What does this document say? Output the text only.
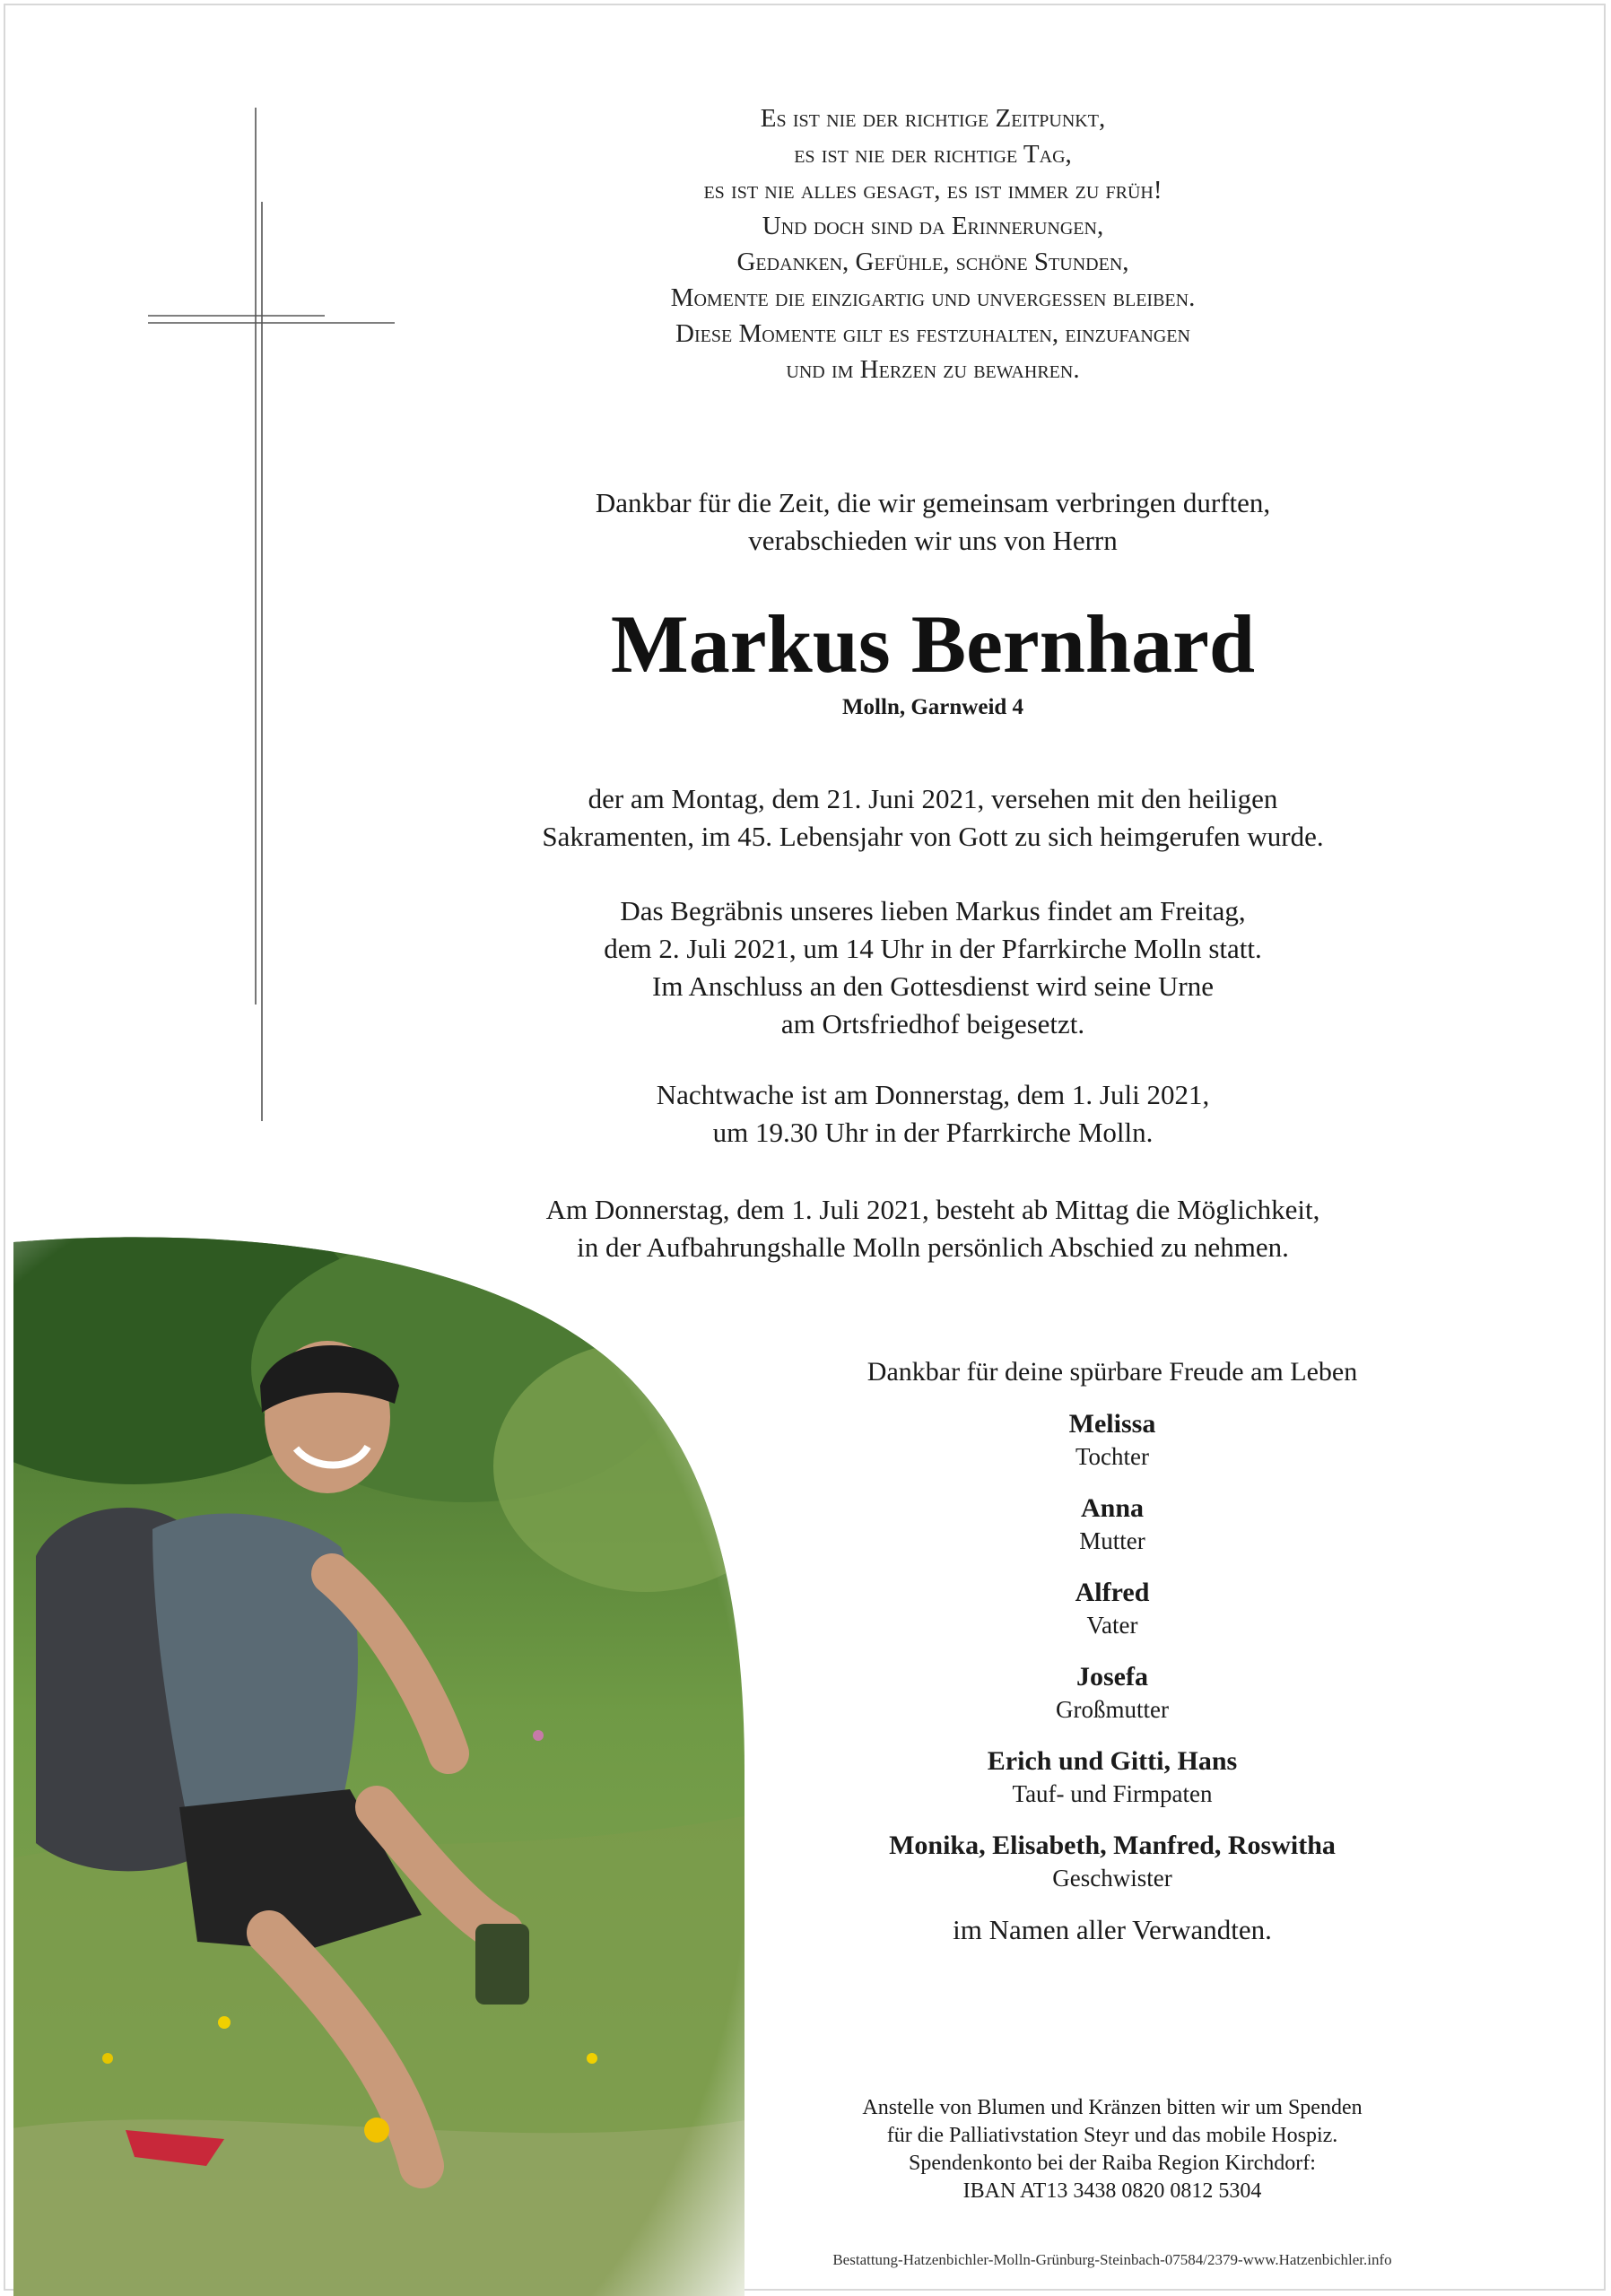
Es ist nie der richtige Zeitpunkt,
es ist nie der richtige Tag,
es ist nie alles gesagt, es ist immer zu früh!
Und doch sind da Erinnerungen,
Gedanken, Gefühle, schöne Stunden,
Momente die einzigartig und unvergessen bleiben.
Diese Momente gilt es festzuhalten, einzufangen
und im Herzen zu bewahren.
Dankbar für die Zeit, die wir gemeinsam verbringen durften,
verabschieden wir uns von Herrn
Markus Bernhard
Molln, Garnweid 4
der am Montag, dem 21. Juni 2021, versehen mit den heiligen
Sakramenten, im 45. Lebensjahr von Gott zu sich heimgerufen wurde.
Das Begräbnis unseres lieben Markus findet am Freitag,
dem 2. Juli 2021, um 14 Uhr in der Pfarrkirche Molln statt.
Im Anschluss an den Gottesdienst wird seine Urne
am Ortsfriedhof beigesetzt.
Nachtwache ist am Donnerstag, dem 1. Juli 2021,
um 19.30 Uhr in der Pfarrkirche Molln.
Am Donnerstag, dem 1. Juli 2021, besteht ab Mittag die Möglichkeit,
in der Aufbahrungshalle Molln persönlich Abschied zu nehmen.
Dankbar für deine spürbare Freude am Leben
Melissa
Tochter
Anna
Mutter
Alfred
Vater
Josefa
Großmutter
Erich und Gitti, Hans
Tauf- und Firmpaten
Monika, Elisabeth, Manfred, Roswitha
Geschwister
im Namen aller Verwandten.
Anstelle von Blumen und Kränzen bitten wir um Spenden
für die Palliativstation Steyr und das mobile Hospiz.
Spendenkonto bei der Raiba Region Kirchdorf:
IBAN AT13 3438 0820 0812 5304
Bestattung-Hatzenbichler-Molln-Grünburg-Steinbach-07584/2379-www.Hatzenbichler.info
